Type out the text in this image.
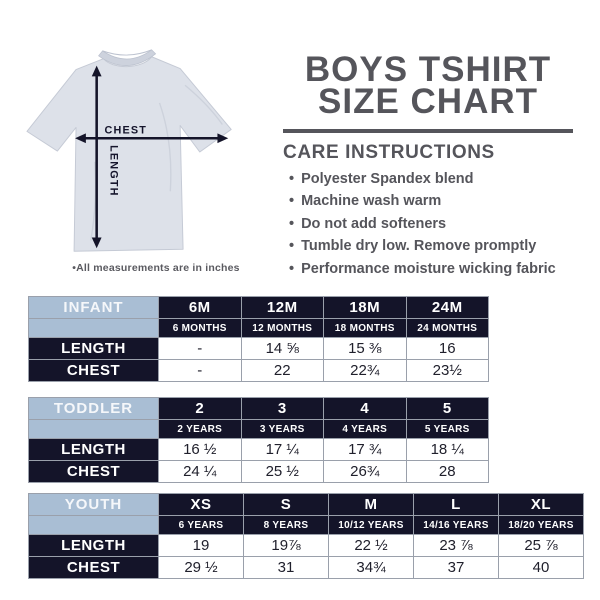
CHEST
LENGTH
•All measurements are in inches
BOYS TSHIRT
SIZE CHART
CARE INSTRUCTIONS
• Polyester Spandex blend
• Machine wash warm
• Do not add softeners
• Tumble dry low. Remove promptly
• Performance moisture wicking fabric
INFANT	6M	12M	18M	24M
	6 MONTHS	12 MONTHS	18 MONTHS	24 MONTHS
LENGTH	-	14 ⅝	15 ⅜	16
CHEST	-	22	22¾	23½
TODDLER	2	3	4	5
	2 YEARS	3 YEARS	4 YEARS	5 YEARS
LENGTH	16 ½	17 ¼	17 ¾	18 ¼
CHEST	24 ¼	25 ½	26¾	28
YOUTH	XS	S	M	L	XL
	6 YEARS	8 YEARS	10/12 YEARS	14/16 YEARS	18/20 YEARS
LENGTH	19	19⅞	22 ½	23 ⅞	25 ⅞
CHEST	29 ½	31	34¾	37	40
